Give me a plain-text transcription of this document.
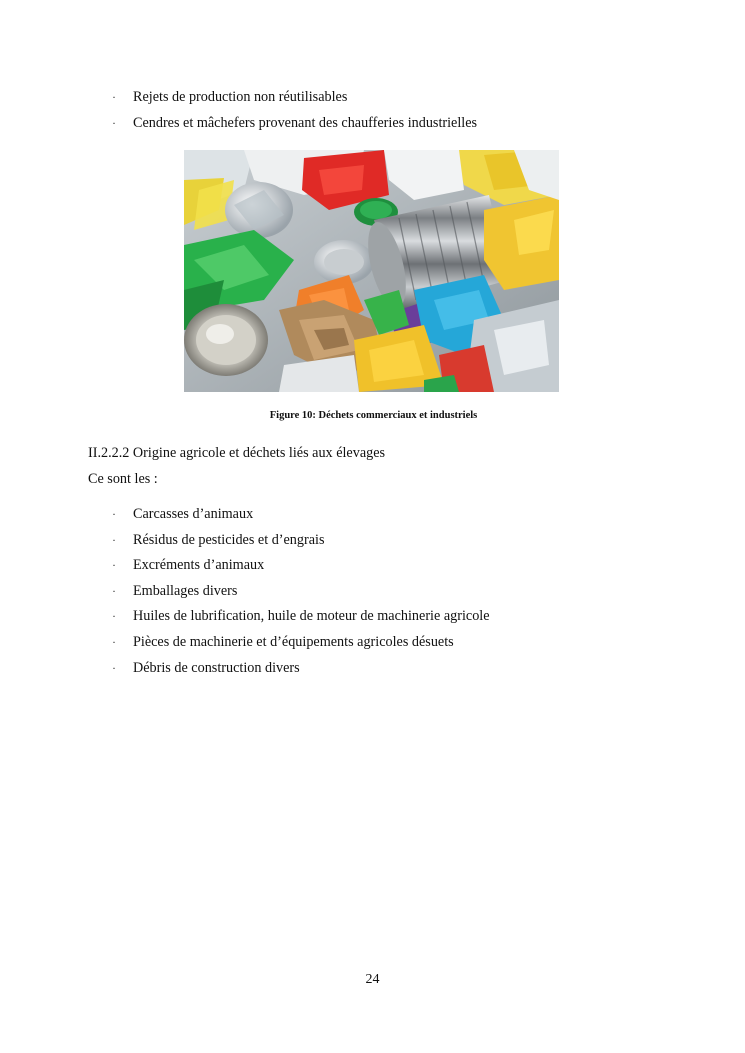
· Rejets de production non réutilisables
· Cendres et mâchefers provenant des chaufferies industrielles
Figure 10: Déchets commerciaux et industriels
II.2.2.2 Origine agricole et déchets liés aux élevages
Ce sont les :
· Carcasses d’animaux
· Résidus de pesticides et d’engrais
· Excréments d’animaux
· Emballages divers
· Huiles de lubrification, huile de moteur de machinerie agricole
· Pièces de machinerie et d’équipements agricoles désuets
· Débris de construction divers
24
